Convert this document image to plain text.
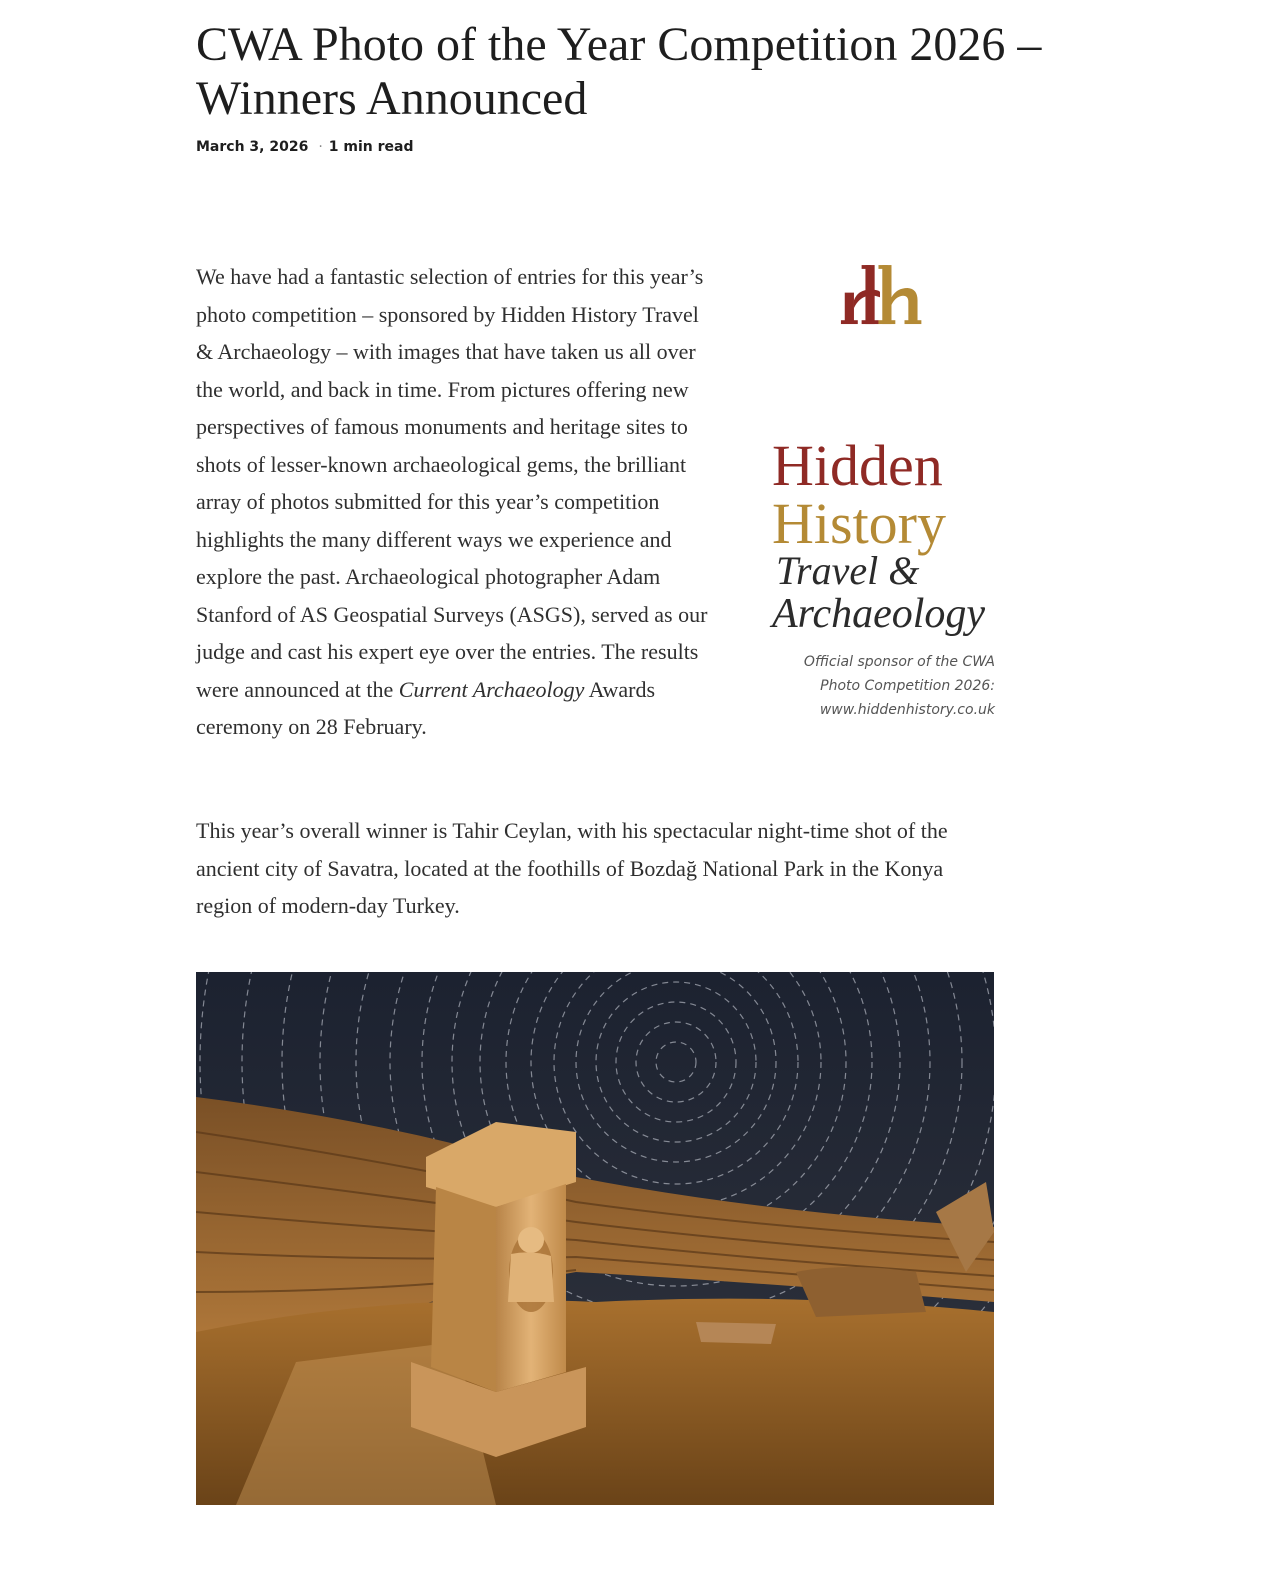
CWA Photo of the Year Competition 2026 – Winners Announced
March 3, 2026 · 1 min read

We have had a fantastic selection of entries for this year’s photo competition – sponsored by Hidden History Travel & Archaeology – with images that have taken us all over the world, and back in time. From pictures offering new perspectives of famous monuments and heritage sites to shots of lesser-known archaeological gems, the brilliant array of photos submitted for this year’s competition highlights the many different ways we experience and explore the past. Archaeological photographer Adam Stanford of AS Geospatial Surveys (ASGS), served as our judge and cast his expert eye over the entries. The results were announced at the Current Archaeology Awards ceremony on 28 February.

Hidden
History
Travel &
Archaeology
Official sponsor of the CWA
Photo Competition 2026:
www.hiddenhistory.co.uk

This year’s overall winner is Tahir Ceylan, with his spectacular night-time shot of the ancient city of Savatra, located at the foothills of Bozdağ National Park in the Konya region of modern-day Turkey.
